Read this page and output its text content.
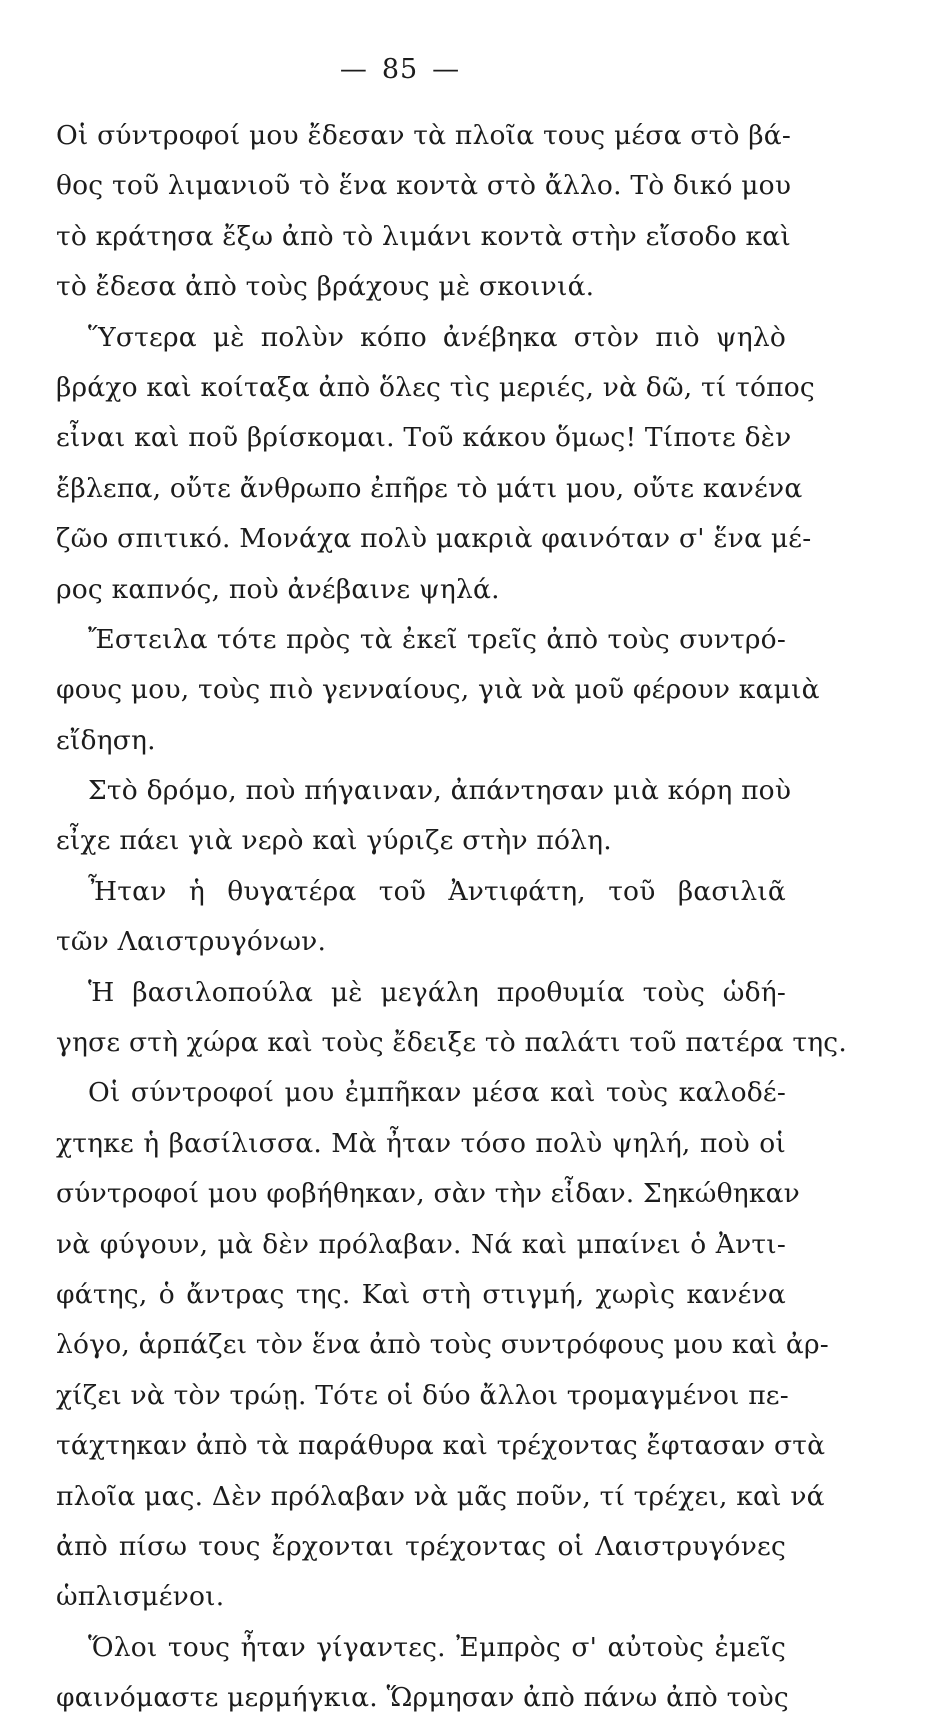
— 85 —
Οἱ σύντροφοί μου ἔδεσαν τὰ πλοῖα τους μέσα στὸ βά-
θος τοῦ λιμανιοῦ τὸ ἕνα κοντὰ στὸ ἄλλο. Τὸ δικό μου
τὸ κράτησα ἔξω ἀπὸ τὸ λιμάνι κοντὰ στὴν εἴσοδο καὶ
τὸ ἔδεσα ἀπὸ τοὺς βράχους μὲ σκοινιά.
Ὕστερα μὲ πολὺν κόπο ἀνέβηκα στὸν πιὸ ψηλὸ
βράχο καὶ κοίταξα ἀπὸ ὅλες τὶς μεριές, νὰ δῶ, τί τόπος
εἶναι καὶ ποῦ βρίσκομαι. Τοῦ κάκου ὅμως! Τίποτε δὲν
ἔβλεπα, οὔτε ἄνθρωπο ἐπῆρε τὸ μάτι μου, οὔτε κανένα
ζῶο σπιτικό. Μονάχα πολὺ μακριὰ φαινόταν σ' ἕνα μέ-
ρος καπνός, ποὺ ἀνέβαινε ψηλά.
Ἔστειλα τότε πρὸς τὰ ἐκεῖ τρεῖς ἀπὸ τοὺς συντρό-
φους μου, τοὺς πιὸ γενναίους, γιὰ νὰ μοῦ φέρουν καμιὰ
εἴδηση.
Στὸ δρόμο, ποὺ πήγαιναν, ἀπάντησαν μιὰ κόρη ποὺ
εἶχε πάει γιὰ νερὸ καὶ γύριζε στὴν πόλη.
Ἦταν ἡ θυγατέρα τοῦ Ἀντιφάτη, τοῦ βασιλιᾶ
τῶν Λαιστρυγόνων.
Ἡ βασιλοπούλα μὲ μεγάλη προθυμία τοὺς ὡδή-
γησε στὴ χώρα καὶ τοὺς ἔδειξε τὸ παλάτι τοῦ πατέρα της.
Οἱ σύντροφοί μου ἐμπῆκαν μέσα καὶ τοὺς καλοδέ-
χτηκε ἡ βασίλισσα. Μὰ ἦταν τόσο πολὺ ψηλή, ποὺ οἱ
σύντροφοί μου φοβήθηκαν, σὰν τὴν εἶδαν. Σηκώθηκαν
νὰ φύγουν, μὰ δὲν πρόλαβαν. Νά καὶ μπαίνει ὁ Ἀντι-
φάτης, ὁ ἄντρας της. Καὶ στὴ στιγμή, χωρὶς κανένα
λόγο, ἁρπάζει τὸν ἕνα ἀπὸ τοὺς συντρόφους μου καὶ ἀρ-
χίζει νὰ τὸν τρώῃ. Τότε οἱ δύο ἄλλοι τρομαγμένοι πε-
τάχτηκαν ἀπὸ τὰ παράθυρα καὶ τρέχοντας ἔφτασαν στὰ
πλοῖα μας. Δὲν πρόλαβαν νὰ μᾶς ποῦν, τί τρέχει, καὶ νά
ἀπὸ πίσω τους ἔρχονται τρέχοντας οἱ Λαιστρυγόνες
ὡπλισμένοι.
Ὅλοι τους ἦταν γίγαντες. Ἐμπρὸς σ' αὐτοὺς ἐμεῖς
φαινόμαστε μερμήγκια. Ὥρμησαν ἀπὸ πάνω ἀπὸ τοὺς
